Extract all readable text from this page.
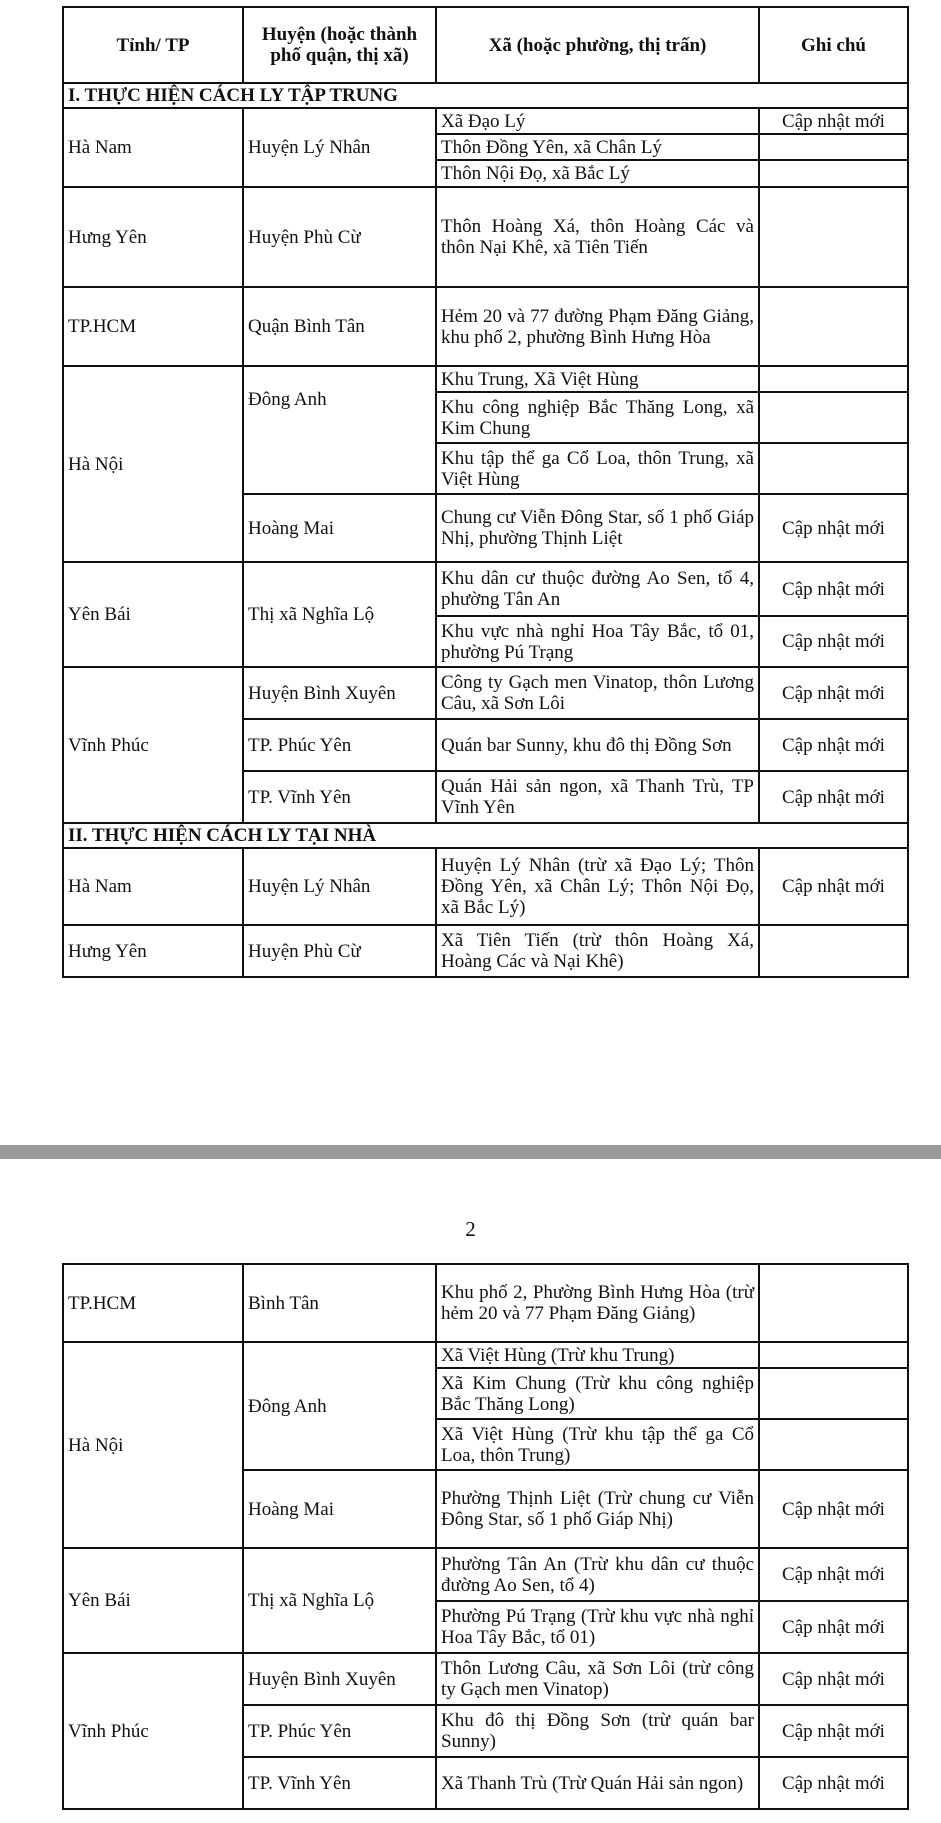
Tỉnh/ TP	Huyện (hoặc thành phố quận, thị xã)	Xã (hoặc phường, thị trấn)	Ghi chú
I. THỰC HIỆN CÁCH LY TẬP TRUNG			
Hà Nam	Huyện Lý Nhân	Xã Đạo Lý	Cập nhật mới
		Thôn Đồng Yên, xã Chân Lý	
		Thôn Nội Đọ, xã Bắc Lý	
Hưng Yên	Huyện Phù Cừ	Thôn Hoàng Xá, thôn Hoàng Các và thôn Nại Khê, xã Tiên Tiến	
TP.HCM	Quận Bình Tân	Hẻm 20 và 77 đường Phạm Đăng Giảng, khu phố 2, phường Bình Hưng Hòa	
Hà Nội	Đông Anh	Khu Trung, Xã Việt Hùng	
		Khu công nghiệp Bắc Thăng Long, xã Kim Chung	
		Khu tập thể ga Cổ Loa, thôn Trung, xã Việt Hùng	
	Hoàng Mai	Chung cư Viễn Đông Star, số 1 phố Giáp Nhị, phường Thịnh Liệt	Cập nhật mới
Yên Bái	Thị xã Nghĩa Lộ	Khu dân cư thuộc đường Ao Sen, tổ 4, phường Tân An	Cập nhật mới
		Khu vực nhà nghỉ Hoa Tây Bắc, tổ 01, phường Pú Trạng	Cập nhật mới
Vĩnh Phúc	Huyện Bình Xuyên	Công ty Gạch men Vinatop, thôn Lương Câu, xã Sơn Lôi	Cập nhật mới
	TP. Phúc Yên	Quán bar Sunny, khu đô thị Đồng Sơn	Cập nhật mới
	TP. Vĩnh Yên	Quán Hải sản ngon, xã Thanh Trù, TP Vĩnh Yên	Cập nhật mới
II. THỰC HIỆN CÁCH LY TẠI NHÀ			
Hà Nam	Huyện Lý Nhân	Huyện Lý Nhân (trừ xã Đạo Lý; Thôn Đồng Yên, xã Chân Lý; Thôn Nội Đọ, xã Bắc Lý)	Cập nhật mới
Hưng Yên	Huyện Phù Cừ	Xã Tiên Tiến (trừ thôn Hoàng Xá, Hoàng Các và Nại Khê)	
2
TP.HCM	Bình Tân	Khu phố 2, Phường Bình Hưng Hòa (trừ hẻm 20 và 77 Phạm Đăng Giảng)	
Hà Nội	Đông Anh	Xã Việt Hùng (Trừ khu Trung)	
		Xã Kim Chung (Trừ khu công nghiệp Bắc Thăng Long)	
		Xã Việt Hùng (Trừ khu tập thể ga Cổ Loa, thôn Trung)	
	Hoàng Mai	Phường Thịnh Liệt (Trừ chung cư Viễn Đông Star, số 1 phố Giáp Nhị)	Cập nhật mới
Yên Bái	Thị xã Nghĩa Lộ	Phường Tân An (Trừ khu dân cư thuộc đường Ao Sen, tổ 4)	Cập nhật mới
		Phường Pú Trạng (Trừ khu vực nhà nghỉ Hoa Tây Bắc, tổ 01)	Cập nhật mới
Vĩnh Phúc	Huyện Bình Xuyên	Thôn Lương Câu, xã Sơn Lôi (trừ công ty Gạch men Vinatop)	Cập nhật mới
	TP. Phúc Yên	Khu đô thị Đồng Sơn (trừ quán bar Sunny)	Cập nhật mới
	TP. Vĩnh Yên	Xã Thanh Trù (Trừ Quán Hải sản ngon)	Cập nhật mới
